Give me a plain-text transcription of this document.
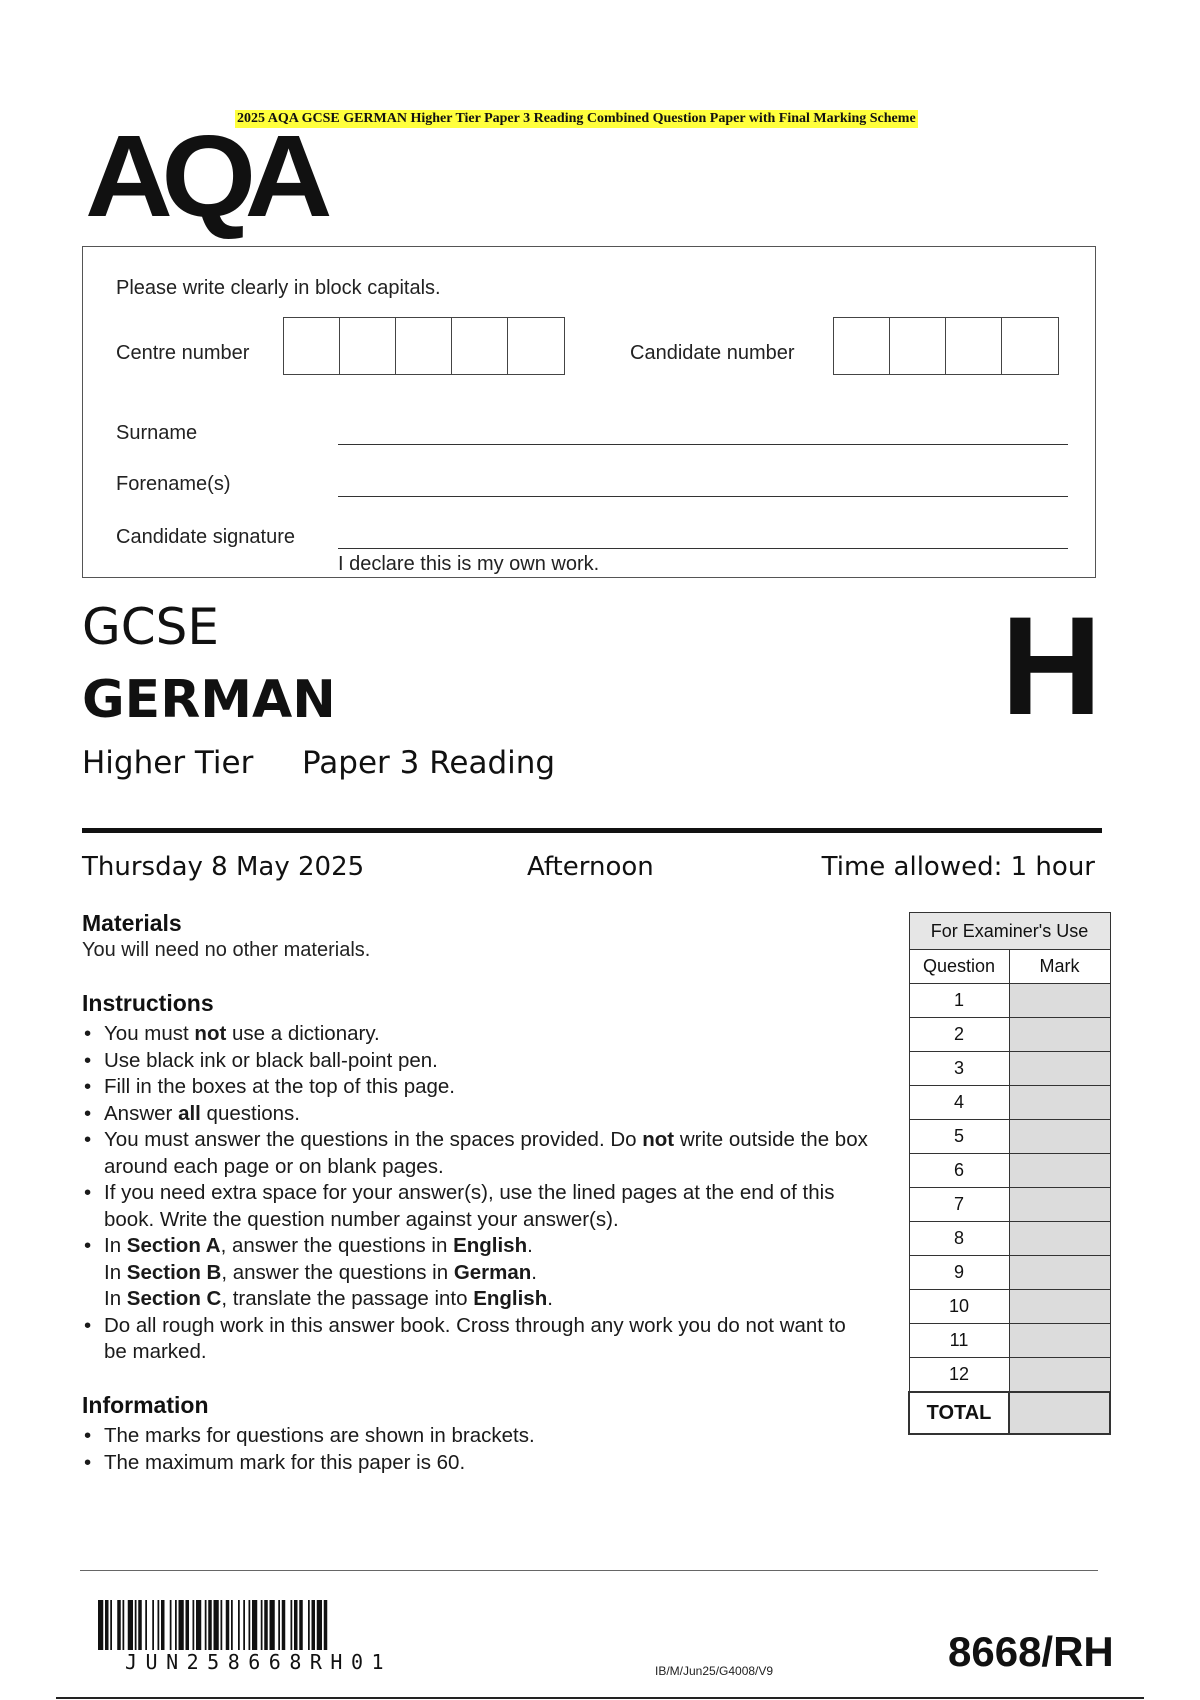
2025 AQA GCSE GERMAN Higher Tier Paper 3 Reading Combined Question Paper with Final Marking Scheme
AQA
Please write clearly in block capitals.
Centre number	Candidate number
Surname
Forename(s)
Candidate signature
I declare this is my own work.
GCSE
GERMAN	H
Higher Tier Paper 3 Reading
Thursday 8 May 2025	Afternoon	Time allowed: 1 hour
Materials

You will need no other materials.

Instructions
• You must not use a dictionary.
• Use black ink or black ball-point pen.
• Fill in the boxes at the top of this page.
• Answer all questions.
• You must answer the questions in the spaces provided. Do not write outside the box around each page or on blank pages.
• If you need extra space for your answer(s), use the lined pages at the end of this book. Write the question number against your answer(s).
• In Section A, answer the questions in English.
In Section B, answer the questions in German.
In Section C, translate the passage into English.
• Do all rough work in this answer book. Cross through any work you do not want to be marked.
Information
• The marks for questions are shown in brackets.
• The maximum mark for this paper is 60.
For Examiner's Use	
Question	Mark
1	
2	
3	
4	
5	
6	
7	
8	
9	
10	
11	
12	
TOTAL	
JUN258668RH01	IB/M/Jun25/G4008/V9	8668/RH
